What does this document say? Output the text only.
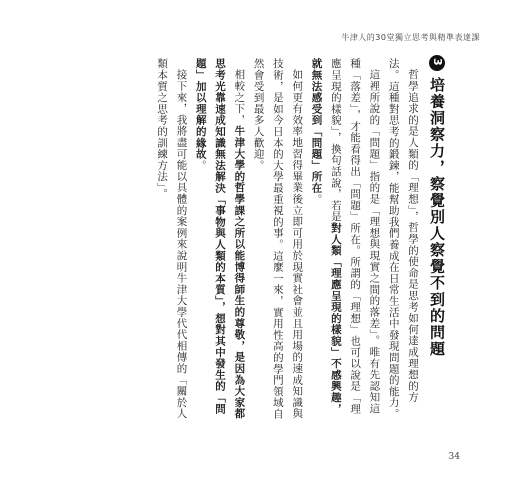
牛津人的30堂獨立思考與精準表達課
3培養洞察力，察覺別人察覺不到的問題

哲學追求的是人類的「理想」，哲學的使命是思考如何達成理想的方法。這種對思考的鍛鍊，能幫助我們養成在日常生活中發現問題的能力。

這裡所說的「問題」指的是「理想與現實之間的落差」。唯有先認知這種「落差」，才能看得出「問題」所在。所謂的「理想」也可以說是「理應呈現的樣貌」，換句話說，若是對人類「理應呈現的樣貌」不感興趣，就無法感受到「問題」所在。

如何更有效率地習得畢業後立即可用於現實社會並且用場的速成知識與技術，是如今日本的大學最重視的事。這麼一來，實用性高的學門領域自然會受到最多人歡迎。

相較之下，牛津大學的哲學課之所以能博得師生的尊敬，是因為大家都思考光靠速成知識無法解決「事物與人類的本質」，想對其中發生的「問題」加以理解的緣故。

接下來，我將盡可能以具體的案例來說明牛津大學代代相傳的「關於人類本質之思考的訓練方法」。

34
